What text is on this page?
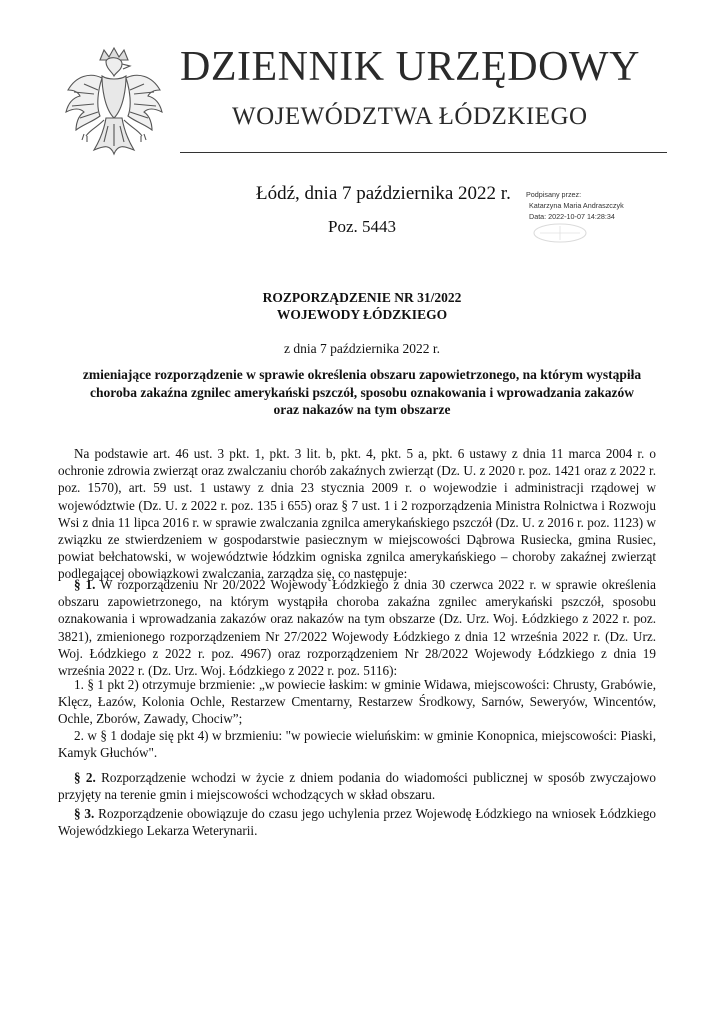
DZIENNIK URZĘDOWY
WOJEWÓDZTWA ŁÓDZKIEGO
Łódź, dnia 7 października 2022 r.
Poz. 5443
Podpisany przez:
Katarzyna Maria Andraszczyk
Data: 2022-10-07 14:28:34
ROZPORZĄDZENIE NR 31/2022
WOJEWODY ŁÓDZKIEGO
z dnia 7 października 2022 r.
zmieniające rozporządzenie w sprawie określenia obszaru zapowietrzonego, na którym wystąpiła choroba zakaźna zgnilec amerykański pszczół, sposobu oznakowania i wprowadzania zakazów oraz nakazów na tym obszarze

Na podstawie art. 46 ust. 3 pkt. 1, pkt. 3 lit. b, pkt. 4, pkt. 5 a, pkt. 6 ustawy z dnia 11 marca 2004 r. o ochronie zdrowia zwierząt oraz zwalczaniu chorób zakaźnych zwierząt (Dz. U. z 2020 r. poz. 1421 oraz z 2022 r. poz. 1570), art. 59 ust. 1 ustawy z dnia 23 stycznia 2009 r. o wojewodzie i administracji rządowej w województwie (Dz. U. z 2022 r. poz. 135 i 655) oraz § 7 ust. 1 i 2 rozporządzenia Ministra Rolnictwa i Rozwoju Wsi z dnia 11 lipca 2016 r. w sprawie zwalczania zgnilca amerykańskiego pszczół (Dz. U. z 2016 r. poz. 1123) w związku ze stwierdzeniem w gospodarstwie pasiecznym w miejscowości Dąbrowa Rusiecka, gmina Rusiec, powiat bełchatowski, w województwie łódzkim ogniska zgnilca amerykańskiego – choroby zakaźnej zwierząt podlegającej obowiązkowi zwalczania, zarządza się, co następuje:

§ 1. W rozporządzeniu Nr 20/2022 Wojewody Łódzkiego z dnia 30 czerwca 2022 r. w sprawie określenia obszaru zapowietrzonego, na którym wystąpiła choroba zakaźna zgnilec amerykański pszczół, sposobu oznakowania i wprowadzania zakazów oraz nakazów na tym obszarze (Dz. Urz. Woj. Łódzkiego z 2022 r. poz. 3821), zmienionego rozporządzeniem Nr 27/2022 Wojewody Łódzkiego z dnia 12 września 2022 r. (Dz. Urz. Woj. Łódzkiego z 2022 r. poz. 4967) oraz rozporządzeniem Nr 28/2022 Wojewody Łódzkiego z dnia 19 września 2022 r. (Dz. Urz. Woj. Łódzkiego z 2022 r. poz. 5116):

1. § 1 pkt 2) otrzymuje brzmienie: „w powiecie łaskim: w gminie Widawa, miejscowości: Chrusty, Grabówie, Klęcz, Łazów, Kolonia Ochle, Restarzew Cmentarny, Restarzew Środkowy, Sarnów, Seweryów, Wincentów, Ochle, Zborów, Zawady, Chociw”;

2. w § 1 dodaje się pkt 4) w brzmieniu: "w powiecie wieluńskim: w gminie Konopnica, miejscowości: Piaski, Kamyk Głuchów".

§ 2. Rozporządzenie wchodzi w życie z dniem podania do wiadomości publicznej w sposób zwyczajowo przyjęty na terenie gmin i miejscowości wchodzących w skład obszaru.

§ 3. Rozporządzenie obowiązuje do czasu jego uchylenia przez Wojewodę Łódzkiego na wniosek Łódzkiego Wojewódzkiego Lekarza Weterynarii.
